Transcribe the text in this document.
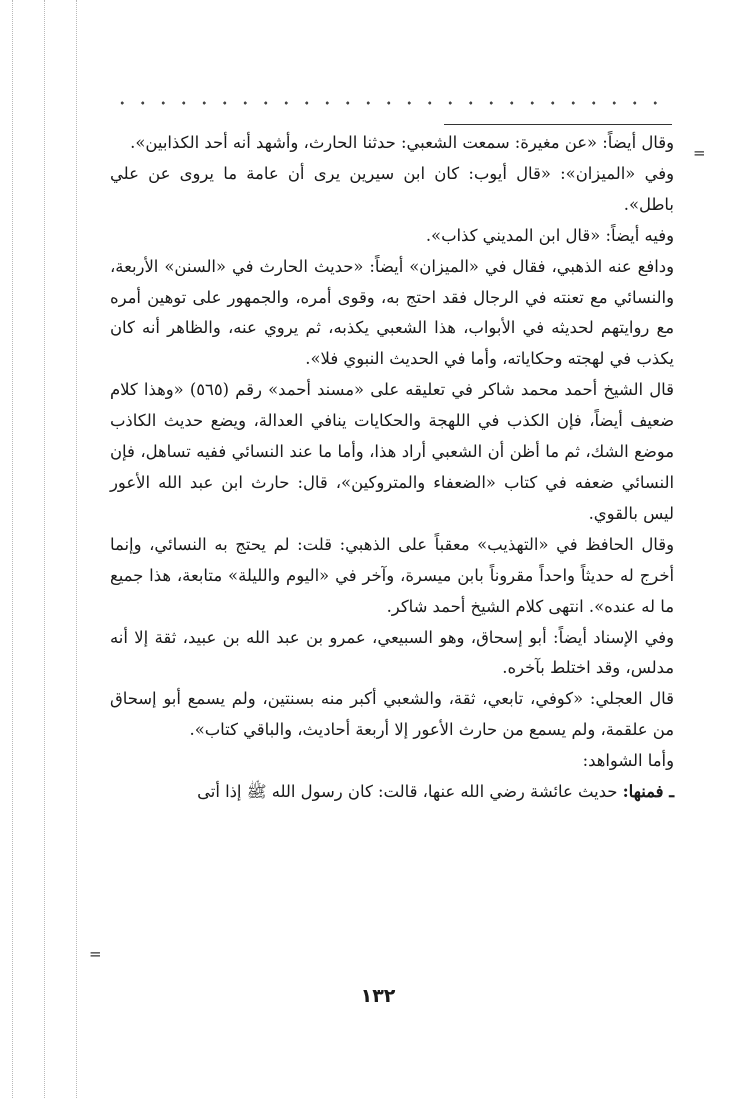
=

وقال أيضاً: «عن مغيرة: سمعت الشعبي: حدثنا الحارث، وأشهد أنه أحد الكذابين».

وفي «الميزان»: «قال أيوب: كان ابن سيرين يرى أن عامة ما يروى عن علي باطل».

وفيه أيضاً: «قال ابن المديني كذاب».

ودافع عنه الذهبي، فقال في «الميزان» أيضاً: «حديث الحارث في «السنن» الأربعة، والنسائي مع تعنته في الرجال فقد احتج به، وقوى أمره، والجمهور على توهين أمره مع روايتهم لحديثه في الأبواب، هذا الشعبي يكذبه، ثم يروي عنه، والظاهر أنه كان يكذب في لهجته وحكاياته، وأما في الحديث النبوي فلا».

قال الشيخ أحمد محمد شاكر في تعليقه على «مسند أحمد» رقم (٥٦٥) «وهذا كلام ضعيف أيضاً، فإن الكذب في اللهجة والحكايات ينافي العدالة، ويضع حديث الكاذب موضع الشك، ثم ما أظن أن الشعبي أراد هذا، وأما ما عند النسائي ففيه تساهل، فإن النسائي ضعفه في كتاب «الضعفاء والمتروكين»، قال: حارث ابن عبد الله الأعور ليس بالقوي.

وقال الحافظ في «التهذيب» معقباً على الذهبي: قلت: لم يحتج به النسائي، وإنما أخرج له حديثاً واحداً مقروناً بابن ميسرة، وآخر في «اليوم والليلة» متابعة، هذا جميع ما له عنده». انتهى كلام الشيخ أحمد شاكر.

وفي الإسناد أيضاً: أبو إسحاق، وهو السبيعي، عمرو بن عبد الله بن عبيد، ثقة إلا أنه مدلس، وقد اختلط بآخره.

قال العجلي: «كوفي، تابعي، ثقة، والشعبي أكبر منه بسنتين، ولم يسمع أبو إسحاق من علقمة، ولم يسمع من حارث الأعور إلا أربعة أحاديث، والباقي كتاب».

وأما الشواهد:

ـ فمنها: حديث عائشة رضي الله عنها، قالت: كان رسول الله ﷺ إذا أتى

=
١٣٢
